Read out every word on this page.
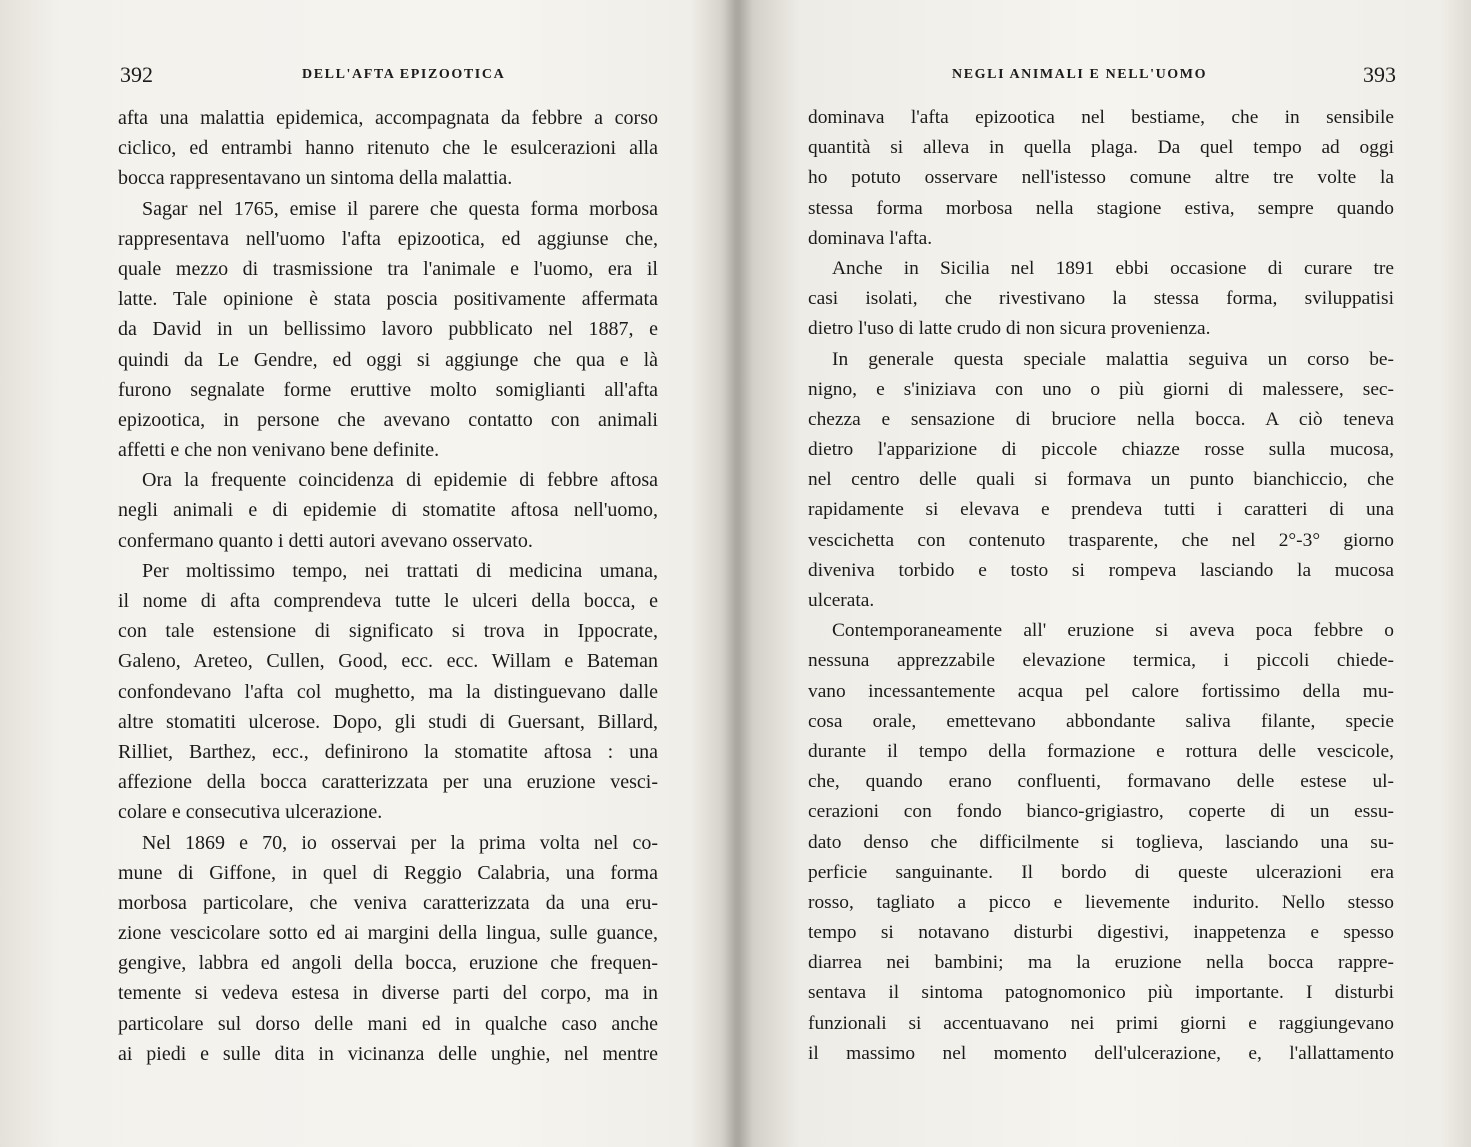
392	DELL'AFTA EPIZOOTICA
afta una malattia epidemica, accompagnata da febbre a corso
ciclico, ed entrambi hanno ritenuto che le esulcerazioni alla
bocca rappresentavano un sintoma della malattia.
Sagar nel 1765, emise il parere che questa forma morbosa
rappresentava nell'uomo l'afta epizootica, ed aggiunse che,
quale mezzo di trasmissione tra l'animale e l'uomo, era il
latte. Tale opinione è stata poscia positivamente affermata
da David in un bellissimo lavoro pubblicato nel 1887, e
quindi da Le Gendre, ed oggi si aggiunge che qua e là
furono segnalate forme eruttive molto somiglianti all'afta
epizootica, in persone che avevano contatto con animali
affetti e che non venivano bene definite.
Ora la frequente coincidenza di epidemie di febbre aftosa
negli animali e di epidemie di stomatite aftosa nell'uomo,
confermano quanto i detti autori avevano osservato.
Per moltissimo tempo, nei trattati di medicina umana,
il nome di afta comprendeva tutte le ulceri della bocca, e
con tale estensione di significato si trova in Ippocrate,
Galeno, Areteo, Cullen, Good, ecc. ecc. Willam e Bateman
confondevano l'afta col mughetto, ma la distinguevano dalle
altre stomatiti ulcerose. Dopo, gli studi di Guersant, Billard,
Rilliet, Barthez, ecc., definirono la stomatite aftosa : una
affezione della bocca caratterizzata per una eruzione vesci-
colare e consecutiva ulcerazione.
Nel 1869 e 70, io osservai per la prima volta nel co-
mune di Giffone, in quel di Reggio Calabria, una forma
morbosa particolare, che veniva caratterizzata da una eru-
zione vescicolare sotto ed ai margini della lingua, sulle guance,
gengive, labbra ed angoli della bocca, eruzione che frequen-
temente si vedeva estesa in diverse parti del corpo, ma in
particolare sul dorso delle mani ed in qualche caso anche
ai piedi e sulle dita in vicinanza delle unghie, nel mentre
NEGLI ANIMALI E NELL'UOMO	393
dominava l'afta epizootica nel bestiame, che in sensibile
quantità si alleva in quella plaga. Da quel tempo ad oggi
ho potuto osservare nell'istesso comune altre tre volte la
stessa forma morbosa nella stagione estiva, sempre quando
dominava l'afta.
Anche in Sicilia nel 1891 ebbi occasione di curare tre
casi isolati, che rivestivano la stessa forma, sviluppatisi
dietro l'uso di latte crudo di non sicura provenienza.
In generale questa speciale malattia seguiva un corso be-
nigno, e s'iniziava con uno o più giorni di malessere, sec-
chezza e sensazione di bruciore nella bocca. A ciò teneva
dietro l'apparizione di piccole chiazze rosse sulla mucosa,
nel centro delle quali si formava un punto bianchiccio, che
rapidamente si elevava e prendeva tutti i caratteri di una
vescichetta con contenuto trasparente, che nel 2°-3° giorno
diveniva torbido e tosto si rompeva lasciando la mucosa
ulcerata.
Contemporaneamente all' eruzione si aveva poca febbre o
nessuna apprezzabile elevazione termica, i piccoli chiede-
vano incessantemente acqua pel calore fortissimo della mu-
cosa orale, emettevano abbondante saliva filante, specie
durante il tempo della formazione e rottura delle vescicole,
che, quando erano confluenti, formavano delle estese ul-
cerazioni con fondo bianco-grigiastro, coperte di un essu-
dato denso che difficilmente si toglieva, lasciando una su-
perficie sanguinante. Il bordo di queste ulcerazioni era
rosso, tagliato a picco e lievemente indurito. Nello stesso
tempo si notavano disturbi digestivi, inappetenza e spesso
diarrea nei bambini; ma la eruzione nella bocca rappre-
sentava il sintoma patognomonico più importante. I disturbi
funzionali si accentuavano nei primi giorni e raggiungevano
il massimo nel momento dell'ulcerazione, e, l'allattamento
